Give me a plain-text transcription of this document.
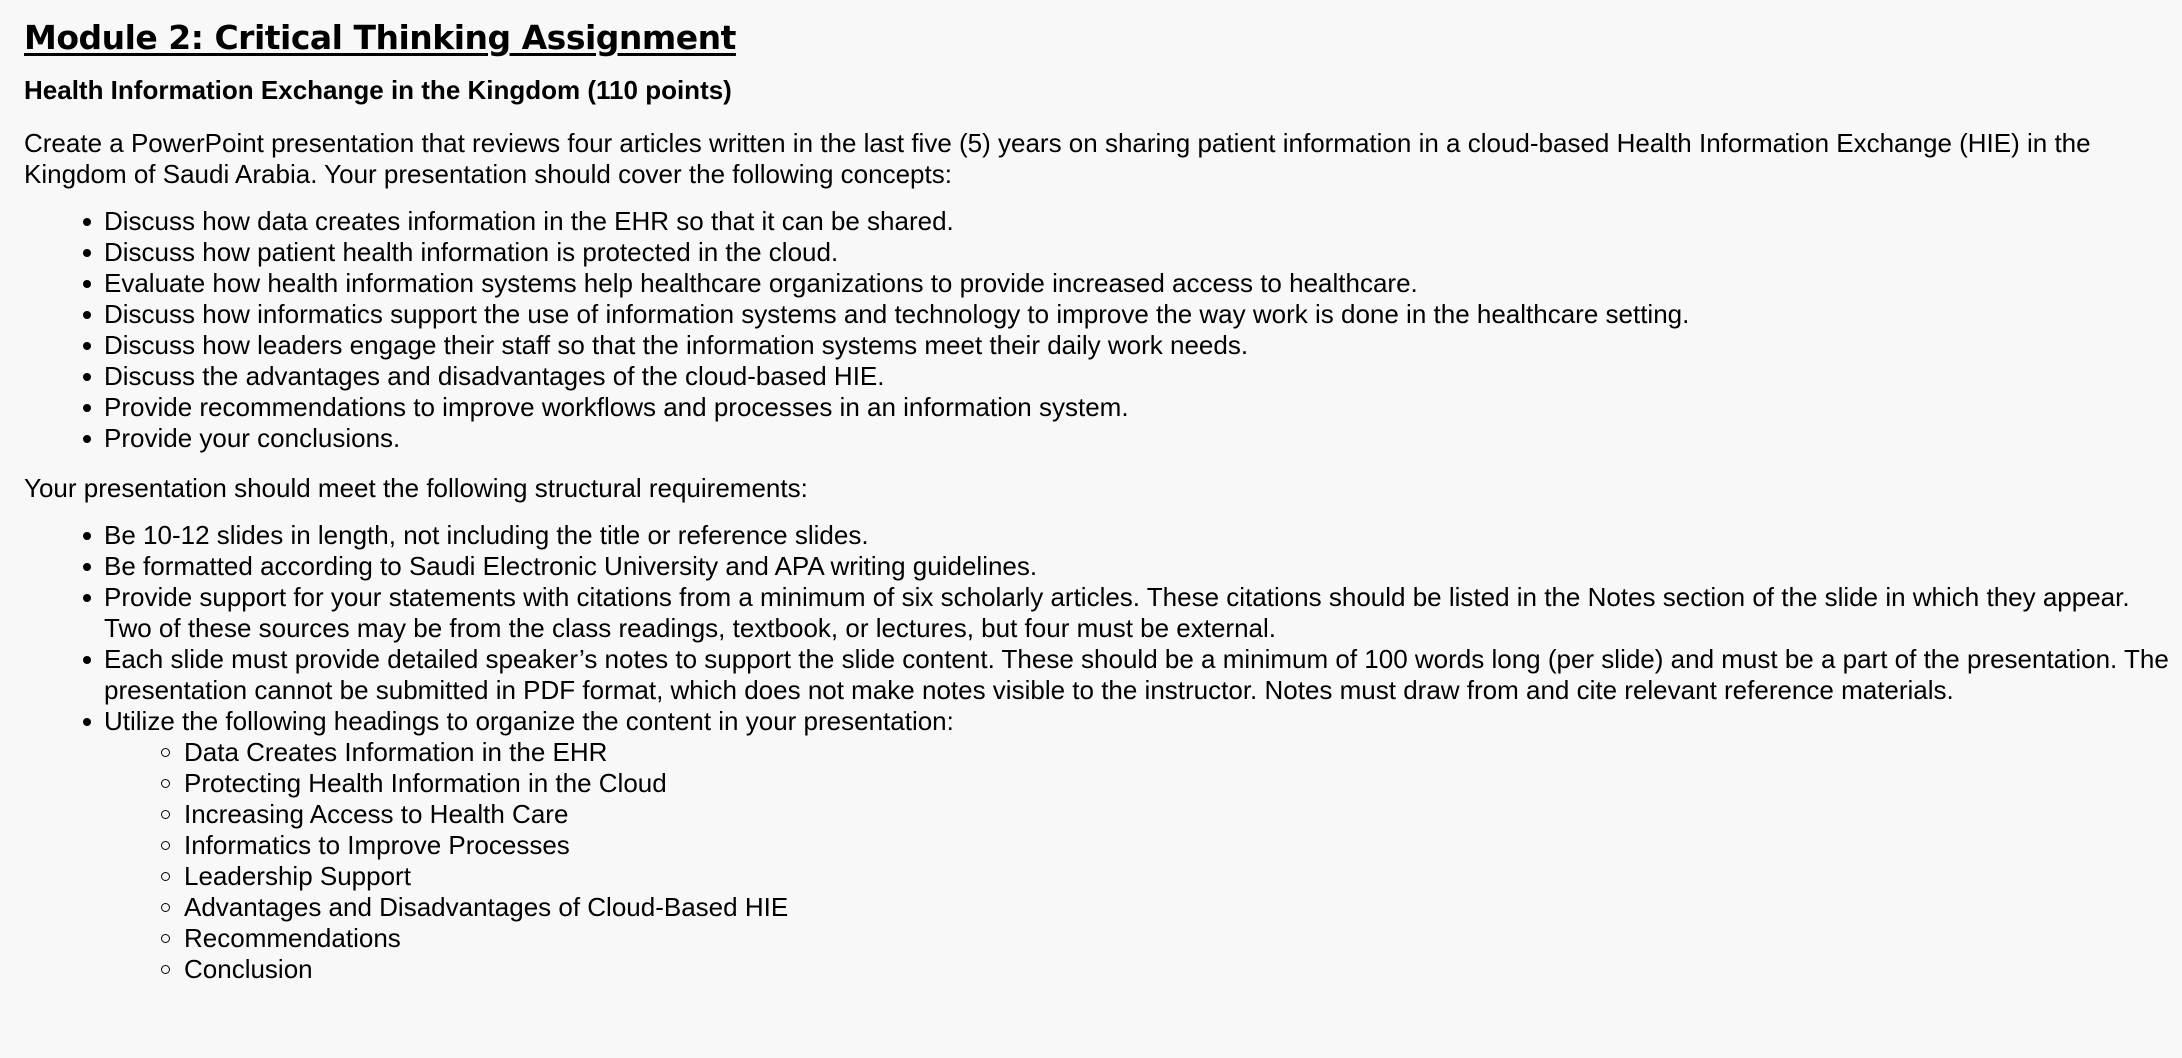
Module 2: Critical Thinking Assignment
Health Information Exchange in the Kingdom (110 points)

Create a PowerPoint presentation that reviews four articles written in the last five (5) years on sharing patient information in a cloud-based Health Information Exchange (HIE) in the Kingdom of Saudi Arabia. Your presentation should cover the following concepts:

Discuss how data creates information in the EHR so that it can be shared.
Discuss how patient health information is protected in the cloud.
Evaluate how health information systems help healthcare organizations to provide increased access to healthcare.
Discuss how informatics support the use of information systems and technology to improve the way work is done in the healthcare setting.
Discuss how leaders engage their staff so that the information systems meet their daily work needs.
Discuss the advantages and disadvantages of the cloud-based HIE.
Provide recommendations to improve workflows and processes in an information system.
Provide your conclusions.

Your presentation should meet the following structural requirements:

Be 10-12 slides in length, not including the title or reference slides.
Be formatted according to Saudi Electronic University and APA writing guidelines.
Provide support for your statements with citations from a minimum of six scholarly articles. These citations should be listed in the Notes section of the slide in which they appear. Two of these sources may be from the class readings, textbook, or lectures, but four must be external.
Each slide must provide detailed speaker’s notes to support the slide content. These should be a minimum of 100 words long (per slide) and must be a part of the presentation. The presentation cannot be submitted in PDF format, which does not make notes visible to the instructor. Notes must draw from and cite relevant reference materials.
Utilize the following headings to organize the content in your presentation:
Data Creates Information in the EHR
Protecting Health Information in the Cloud
Increasing Access to Health Care
Informatics to Improve Processes
Leadership Support
Advantages and Disadvantages of Cloud-Based HIE
Recommendations
Conclusion
